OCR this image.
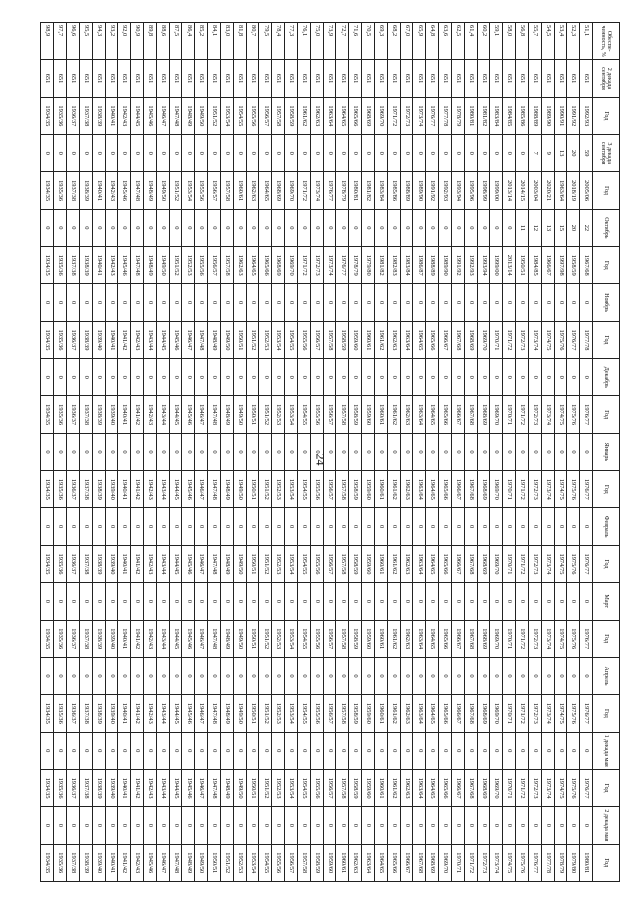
24
Обеспе-ченность, %	2 декада сентября	Год	3 декада сентября	Год	Октябрь	Год	Ноябрь	Год	Декабрь	Год	Январь	Год	Февраль	Год	Март	Год	Апрель	Год	1 декада мая	Год	2 декада мая	Год
51,1	651	1992/93	59	2005/06	22	1967/68	0	1977/78	0	1976/77	0	1976/77	0	1976/77	0	1976/77	0	1976/77	0	1976/77	0	1980/81
52,3	651	1991/92	20	2018/19	20	1958/59	0	1976/77	0	1975/76	0	1975/76	0	1975/76	0	1975/76	0	1975/76	0	1975/76	0	1979/80
53,4	651	1990/91	13	1963/64	15	1997/98	0	1975/76	0	1974/75	0	1974/75	0	1974/75	0	1974/75	0	1974/75	0	1974/75	0	1978/79
54,5	651	1989/90	9	2020/21	13	1966/67	0	1974/75	0	1973/74	0	1973/74	0	1973/74	0	1973/74	0	1973/74	0	1973/74	0	1977/78
55,7	651	1988/89	7	2003/04	12	1984/85	0	1973/74	0	1972/73	0	1972/73	0	1972/73	0	1972/73	0	1972/73	0	1972/73	0	1976/77
56,8	651	1985/86	0	2014/15	11	1950/51	0	1972/73	0	1971/72	0	1971/72	0	1971/72	0	1971/72	0	1971/72	0	1971/72	0	1975/76
58,0	651	1984/85	0	2013/14	0	2013/14	0	1971/72	0	1970/71	0	1970/71	0	1970/71	0	1970/71	0	1970/71	0	1970/71	0	1974/75
59,1	651	1983/84	0	1999/00	0	1999/00	0	1970/71	0	1969/70	0	1969/70	0	1969/70	0	1969/70	0	1969/70	0	1969/70	0	1973/74
60,2	651	1981/82	0	1998/99	0	1993/94	0	1969/70	0	1968/69	0	1968/69	0	1968/69	0	1968/69	0	1968/69	0	1968/69	0	1972/73
61,4	651	1980/81	0	1995/96	0	1992/93	0	1968/69	0	1967/68	0	1967/68	0	1967/68	0	1967/68	0	1967/68	0	1967/68	0	1971/72
62,5	651	1978/79	0	1993/94	0	1991/92	0	1967/68	0	1966/67	0	1966/67	0	1966/67	0	1966/67	0	1966/67	0	1966/67	0	1970/71
63,6	651	1977/78	0	1992/93	0	1989/90	0	1966/67	0	1965/66	0	1965/66	0	1965/66	0	1965/66	0	1965/66	0	1965/66	0	1969/70
64,8	651	1976/77	0	1991/92	0	1988/89	0	1965/66	0	1964/65	0	1964/65	0	1964/65	0	1964/65	0	1964/65	0	1964/65	0	1968/69
65,9	651	1973/74	0	1989/90	0	1986/87	0	1964/65	0	1963/64	0	1963/64	0	1963/64	0	1963/64	0	1963/64	0	1963/64	0	1967/68
67,0	651	1972/73	0	1988/89	0	1983/84	0	1963/64	0	1962/63	0	1962/63	0	1962/63	0	1962/63	0	1962/63	0	1962/63	0	1966/67
68,2	651	1971/72	0	1985/86	0	1982/83	0	1962/63	0	1961/62	0	1961/62	0	1961/62	0	1961/62	0	1961/62	0	1961/62	0	1965/66
69,3	651	1969/70	0	1983/84	0	1981/82	0	1961/62	0	1960/61	0	1960/61	0	1960/61	0	1960/61	0	1960/61	0	1960/61	0	1964/65
70,5	651	1968/69	0	1981/82	0	1979/80	0	1960/61	0	1959/60	0	1959/60	0	1959/60	0	1959/60	0	1959/60	0	1959/60	0	1963/64
71,6	651	1965/66	0	1980/81	0	1978/79	0	1959/60	0	1958/59	0	1958/59	0	1958/59	0	1958/59	0	1958/59	0	1958/59	0	1962/63
72,7	651	1964/65	0	1978/79	0	1976/77	0	1958/59	0	1957/58	0	1957/58	0	1957/58	0	1957/58	0	1957/58	0	1957/58	0	1960/61
73,9	651	1963/64	0	1976/77	0	1973/74	0	1957/58	0	1956/57	0	1956/57	0	1956/57	0	1956/57	0	1956/57	0	1956/57	0	1959/60
75,0	651	1962/63	0	1973/74	0	1972/73	0	1956/57	0	1955/56	0	1955/56	0	1955/56	0	1955/56	0	1955/56	0	1955/56	0	1958/59
76,1	651	1961/62	0	1971/72	0	1971/72	0	1955/56	0	1954/55	0	1954/55	0	1954/55	0	1954/55	0	1954/55	0	1954/55	0	1957/58
77,3	651	1958/59	0	1969/70	0	1969/70	0	1954/55	0	1953/54	0	1953/54	0	1953/54	0	1953/54	0	1953/54	0	1953/54	0	1956/57
78,4	651	1957/58	0	1968/69	0	1968/69	0	1953/54	0	1952/53	0	1952/53	0	1952/53	0	1952/53	0	1952/53	0	1952/53	0	1955/56
79,5	651	1956/57	0	1964/65	0	1965/66	0	1952/53	0	1951/52	0	1951/52	0	1951/52	0	1951/52	0	1951/52	0	1951/52	0	1954/55
80,7	651	1955/56	0	1962/63	0	1964/65	0	1951/52	0	1950/51	0	1950/51	0	1950/51	0	1950/51	0	1950/51	0	1950/51	0	1953/54
81,8	651	1954/55	0	1960/61	0	1962/63	0	1950/51	0	1949/50	0	1949/50	0	1949/50	0	1949/50	0	1949/50	0	1949/50	0	1952/53
83,0	651	1953/54	0	1957/58	0	1957/58	0	1949/50	0	1948/49	0	1948/49	0	1948/49	0	1948/49	0	1948/49	0	1948/49	0	1951/52
84,1	651	1951/52	0	1956/57	0	1956/57	0	1948/49	0	1947/48	0	1947/48	0	1947/48	0	1947/48	0	1947/48	0	1947/48	0	1950/51
85,2	651	1949/50	0	1955/56	0	1955/56	0	1947/48	0	1946/47	0	1946/47	0	1946/47	0	1946/47	0	1946/47	0	1946/47	0	1949/50
86,4	651	1948/49	0	1953/54	0	1952/53	0	1946/47	0	1945/46	0	1945/46	0	1945/46	0	1945/46	0	1945/46	0	1945/46	0	1948/49
87,5	651	1947/48	0	1951/52	0	1951/52	0	1945/46	0	1944/45	0	1944/45	0	1944/45	0	1944/45	0	1944/45	0	1944/45	0	1947/48
88,6	651	1946/47	0	1949/50	0	1949/50	0	1944/45	0	1943/44	0	1943/44	0	1943/44	0	1943/44	0	1943/44	0	1943/44	0	1946/47
89,8	651	1945/46	0	1948/49	0	1948/49	0	1943/44	0	1942/43	0	1942/43	0	1942/43	0	1942/43	0	1942/43	0	1942/43	0	1945/46
90,9	651	1944/45	0	1947/48	0	1947/48	0	1942/43	0	1941/42	0	1941/42	0	1941/42	0	1941/42	0	1941/42	0	1941/42	0	1942/43
92,0	651	1942/43	0	1945/46	0	1945/46	0	1941/42	0	1940/41	0	1940/41	0	1940/41	0	1940/41	0	1940/41	0	1940/41	0	1941/42
93,2	651	1940/41	0	1942/43	0	1942/43	0	1940/41	0	1939/40	0	1939/40	0	1939/40	0	1939/40	0	1939/40	0	1939/40	0	1940/41
94,3	651	1938/39	0	1940/41	0	1940/41	0	1939/40	0	1938/39	0	1938/39	0	1938/39	0	1938/39	0	1938/39	0	1938/39	0	1939/40
95,5	651	1937/38	0	1938/39	0	1938/39	0	1938/39	0	1937/38	0	1937/38	0	1937/38	0	1937/38	0	1937/38	0	1937/38	0	1938/39
96,6	651	1936/37	0	1937/38	0	1937/38	0	1936/37	0	1936/37	0	1936/37	0	1936/37	0	1936/37	0	1936/37	0	1936/37	0	1937/38
97,7	651	1935/36	0	1935/36	0	1935/36	0	1935/36	0	1935/36	0	1935/36	0	1935/36	0	1935/36	0	1935/36	0	1935/36	0	1935/36
98,9	651	1934/35	0	1934/35	0	1934/35	0	1934/35	0	1934/35	0	1934/35	0	1934/35	0	1934/35	0	1934/35	0	1934/35	0	1934/35
